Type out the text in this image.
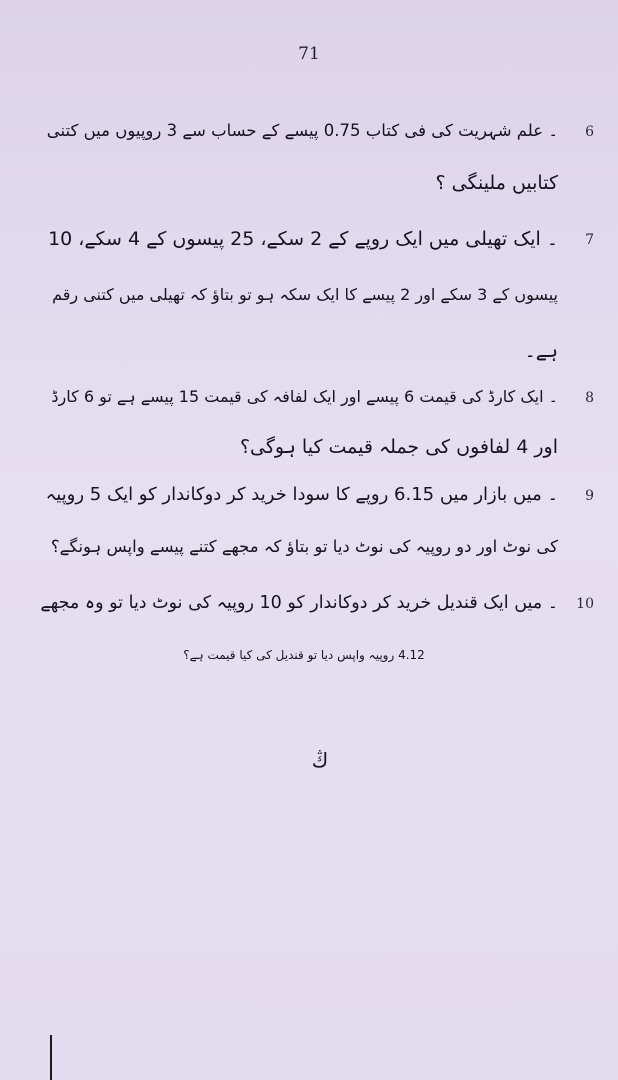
71
6
۔ علم شہریت کی فی کتاب 0.75 پیسے کے حساب سے 3 روپیوں میں کتنی
کتابیں ملینگی ؟
7
۔ ایک تھیلی میں ایک روپے کے 2 سکے، 25 پیسوں کے 4 سکے، 10
پیسوں کے 3 سکے اور 2 پیسے کا ایک سکہ ہو تو بتاؤ کہ تھیلی میں کتنی رقم
ہے۔
8
۔ ایک کارڈ کی قیمت 6 پیسے اور ایک لفافہ کی قیمت 15 پیسے ہے تو 6 کارڈ
اور 4 لفافوں کی جملہ قیمت کیا ہوگی؟
9
۔ میں بازار میں 6.15 روپے کا سودا خرید کر دوکاندار کو ایک 5 روپیہ
کی نوٹ اور دو روپیہ کی نوٹ دیا تو بتاؤ کہ مجھے کتنے پیسے واپس ہونگے؟
10
۔ میں ایک قندیل خرید کر دوکاندار کو 10 روپیہ کی نوٹ دیا تو وہ مجھے
4.12 روپیہ واپس دیا تو قندیل کی کیا قیمت ہے؟
ﯓ
